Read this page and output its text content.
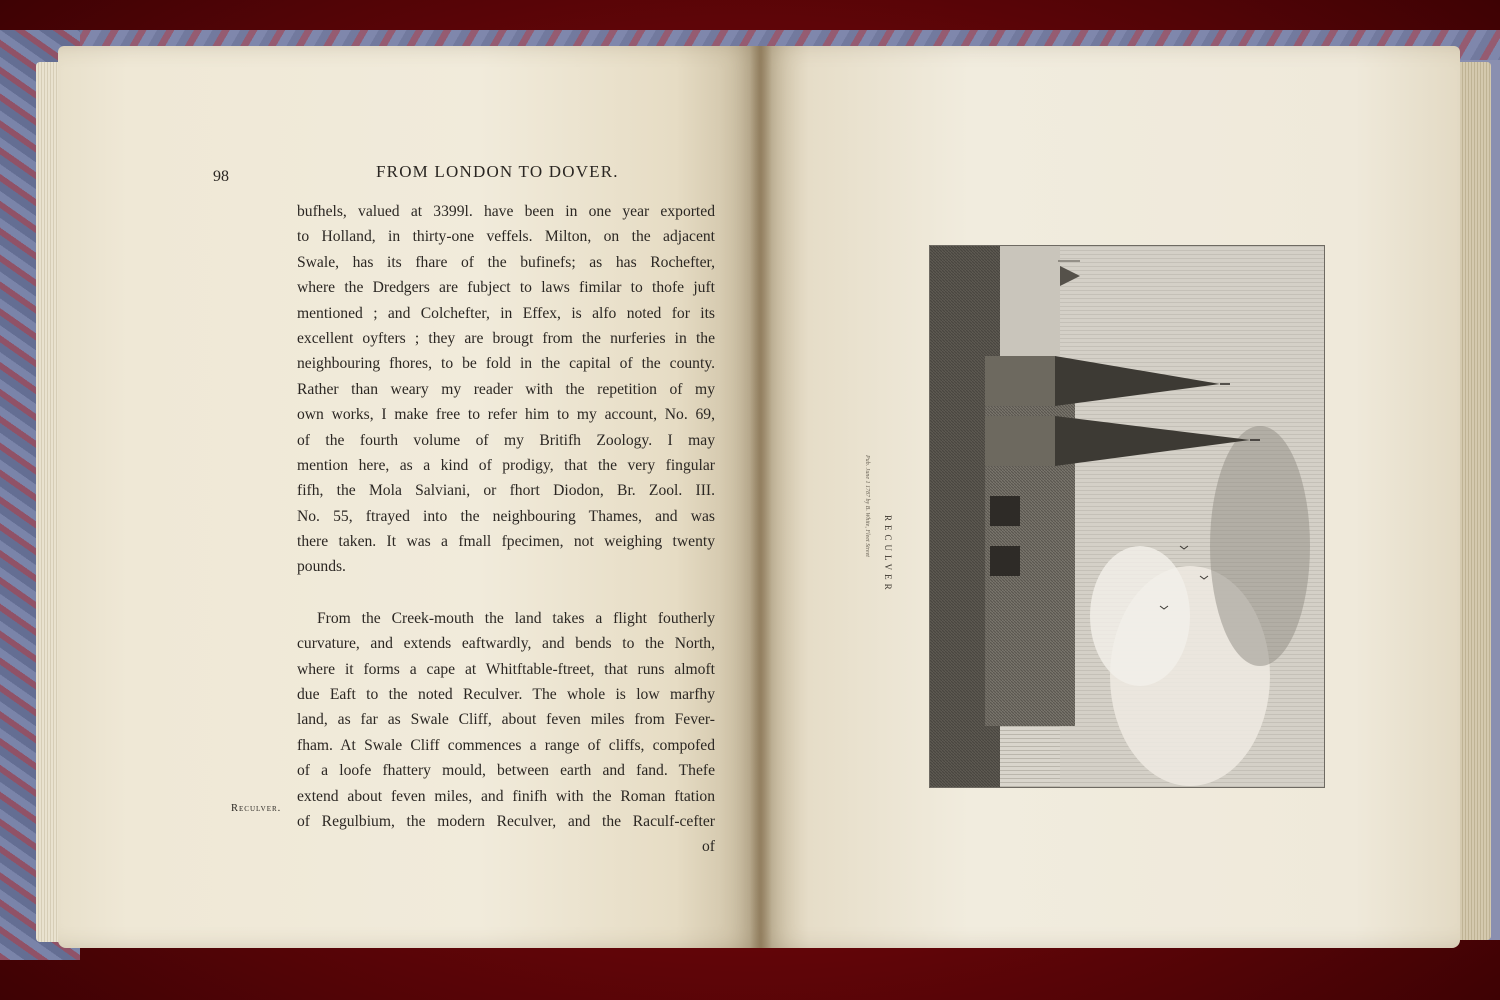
98	FROM LONDON TO DOVER.
bufhels, valued at 3399l. have been in one year exported
to Holland, in thirty-one veffels. Milton, on the adjacent
Swale, has its fhare of the bufinefs; as has Rochefter,
where the Dredgers are fubject to laws fimilar to thofe juft
mentioned ; and Colchefter, in Effex, is alfo noted for its
excellent oyfters ; they are brougt from the nurferies in the
neighbouring fhores, to be fold in the capital of the county.
Rather than weary my reader with the repetition of my
own works, I make free to refer him to my account, No. 69,
of the fourth volume of my Britifh Zoology. I may
mention here, as a kind of prodigy, that the very fingular
fifh, the Mola Salviani, or fhort Diodon, Br. Zool. III.
No. 55, ftrayed into the neighbouring Thames, and was
there taken. It was a fmall fpecimen, not weighing twenty
pounds.
From the Creek-mouth the land takes a flight foutherly
curvature, and extends eaftwardly, and bends to the North,
where it forms a cape at Whitftable-ftreet, that runs almoft
due Eaft to the noted Reculver. The whole is low marfhy
land, as far as Swale Cliff, about feven miles from Fever-
fham. At Swale Cliff commences a range of cliffs, compofed
of a loofe fhattery mould, between earth and fand. Thefe
extend about feven miles, and finifh with the Roman ftation
of Regulbium, the modern Reculver, and the Raculf-cefter
of
Reculver.
Pub. June 1 1787 by B. White, Fleet Street RECULVER
